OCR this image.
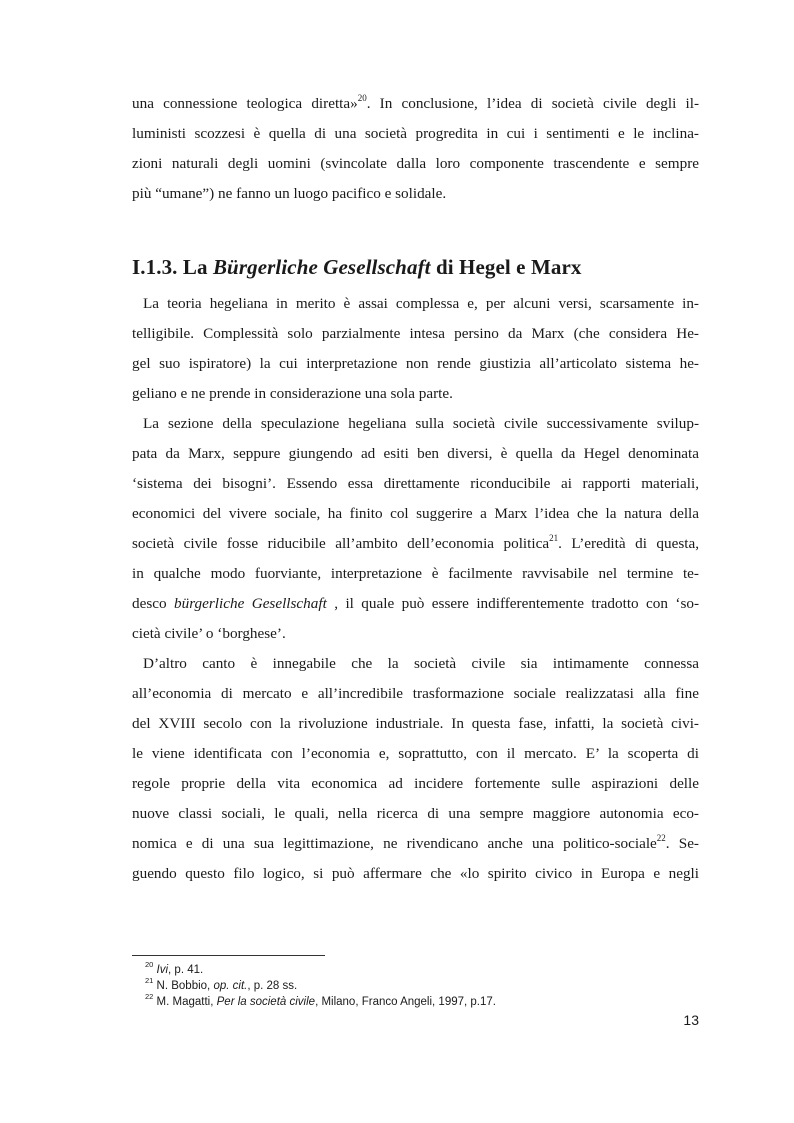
una connessione teologica diretta»$^{20}$. In conclusione, l’idea di società civile degli il-
luministi scozzesi è quella di una società progredita in cui i sentimenti e le inclina-
zioni naturali degli uomini (svincolate dalla loro componente trascendente e sempre
più “umane”) ne fanno un luogo pacifico e solidale.
I.1.3. La Bürgerliche Gesellschaft di Hegel e Marx
La teoria hegeliana in merito è assai complessa e, per alcuni versi, scarsamente in-
telligibile. Complessità solo parzialmente intesa persino da Marx (che considera He-
gel suo ispiratore) la cui interpretazione non rende giustizia all’articolato sistema he-
geliano e ne prende in considerazione una sola parte.
La sezione della speculazione hegeliana sulla società civile successivamente svilup-
pata da Marx, seppure giungendo ad esiti ben diversi, è quella da Hegel denominata
‘sistema dei bisogni’. Essendo essa direttamente riconducibile ai rapporti materiali,
economici del vivere sociale, ha finito col suggerire a Marx l’idea che la natura della
società civile fosse riducibile all’ambito dell’economia politica$^{21}$. L’eredità di questa,
in qualche modo fuorviante, interpretazione è facilmente ravvisabile nel termine te-
desco bürgerliche Gesellschaft , il quale può essere indifferentemente tradotto con ‘so-
cietà civile’ o ‘borghese’.
D’altro canto è innegabile che la società civile sia intimamente connessa
all’economia di mercato e all’incredibile trasformazione sociale realizzatasi alla fine
del XVIII secolo con la rivoluzione industriale. In questa fase, infatti, la società civi-
le viene identificata con l’economia e, soprattutto, con il mercato. E’ la scoperta di
regole proprie della vita economica ad incidere fortemente sulle aspirazioni delle
nuove classi sociali, le quali, nella ricerca di una sempre maggiore autonomia eco-
nomica e di una sua legittimazione, ne rivendicano anche una politico-sociale$^{22}$. Se-
guendo questo filo logico, si può affermare che «lo spirito civico in Europa e negli
$^{20}$ Ivi, p. 41.
$^{21}$ N. Bobbio, op. cit., p. 28 ss.
$^{22}$ M. Magatti, Per la società civile, Milano, Franco Angeli, 1997, p.17.
13
